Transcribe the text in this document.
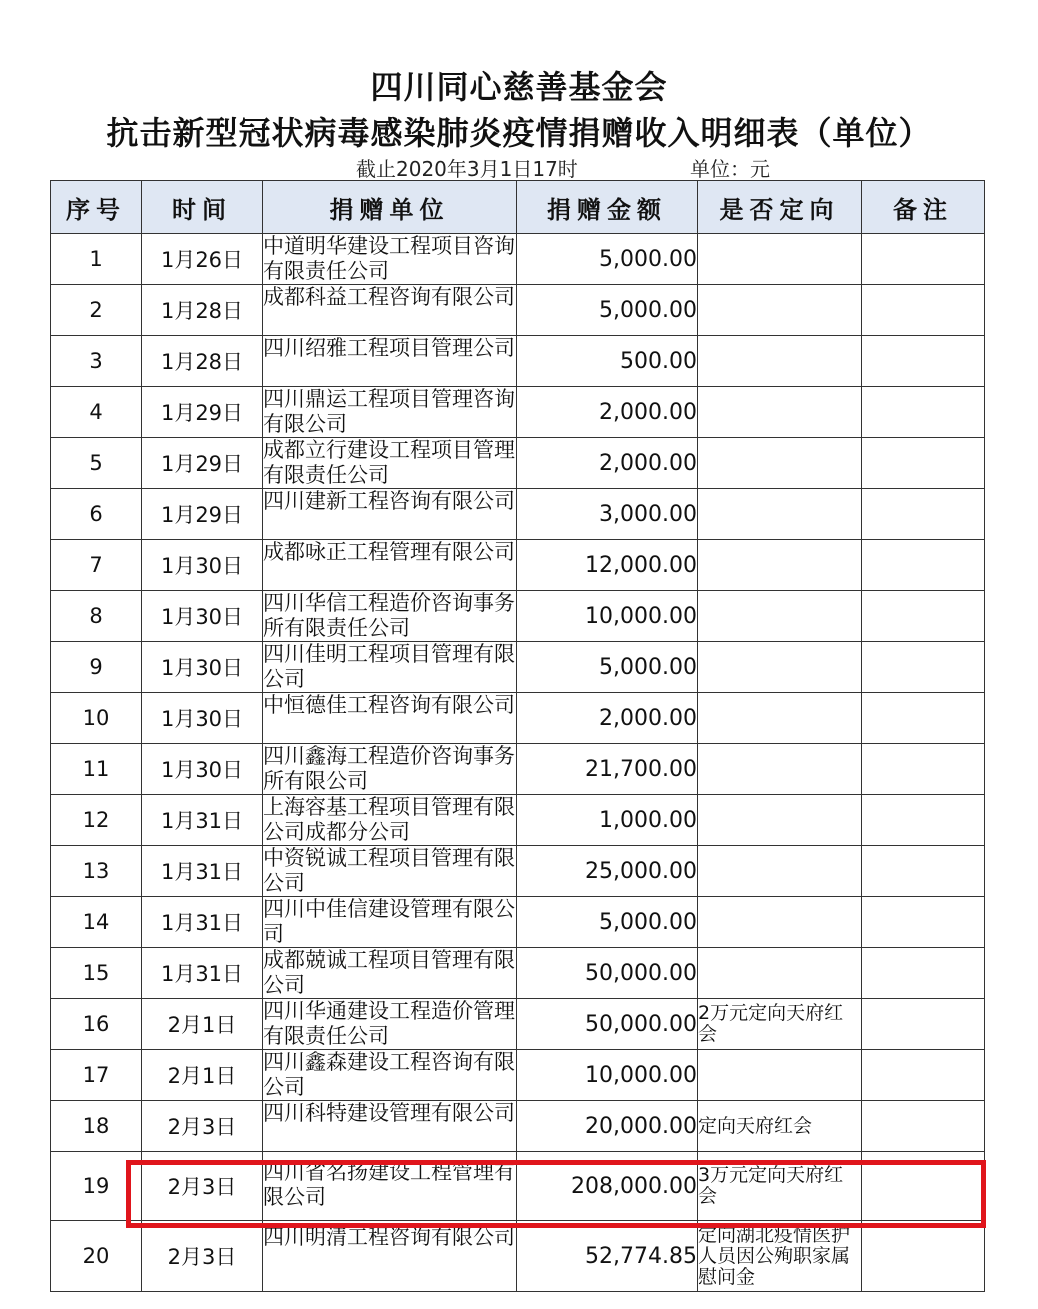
四川同心慈善基金会
抗击新型冠状病毒感染肺炎疫情捐赠收入明细表（单位）
截止2020年3月1日17时	单位：元
序号	时间	捐赠单位	捐赠金额	是否定向	备注
1	1月26日	中道明华建设工程项目咨询有限责任公司	5,000.00		
2	1月28日	成都科益工程咨询有限公司	5,000.00		
3	1月28日	四川绍雅工程项目管理公司	500.00		
4	1月29日	四川鼎运工程项目管理咨询有限公司	2,000.00		
5	1月29日	成都立行建设工程项目管理有限责任公司	2,000.00		
6	1月29日	四川建新工程咨询有限公司	3,000.00		
7	1月30日	成都咏正工程管理有限公司	12,000.00		
8	1月30日	四川华信工程造价咨询事务所有限责任公司	10,000.00		
9	1月30日	四川佳明工程项目管理有限公司	5,000.00		
10	1月30日	中恒德佳工程咨询有限公司	2,000.00		
11	1月30日	四川鑫海工程造价咨询事务所有限公司	21,700.00		
12	1月31日	上海容基工程项目管理有限公司成都分公司	1,000.00		
13	1月31日	中资锐诚工程项目管理有限公司	25,000.00		
14	1月31日	四川中佳信建设管理有限公司	5,000.00		
15	1月31日	成都兢诚工程项目管理有限公司	50,000.00		
16	2月1日	四川华通建设工程造价管理有限责任公司	50,000.00	2万元定向天府红会	
17	2月1日	四川鑫森建设工程咨询有限公司	10,000.00		
18	2月3日	四川科特建设管理有限公司	20,000.00	定向天府红会	
19	2月3日	四川省名扬建设工程管理有限公司	208,000.00	3万元定向天府红会	
20	2月3日	四川明清工程咨询有限公司	52,774.85	定向湖北疫情医护人员因公殉职家属慰问金	
